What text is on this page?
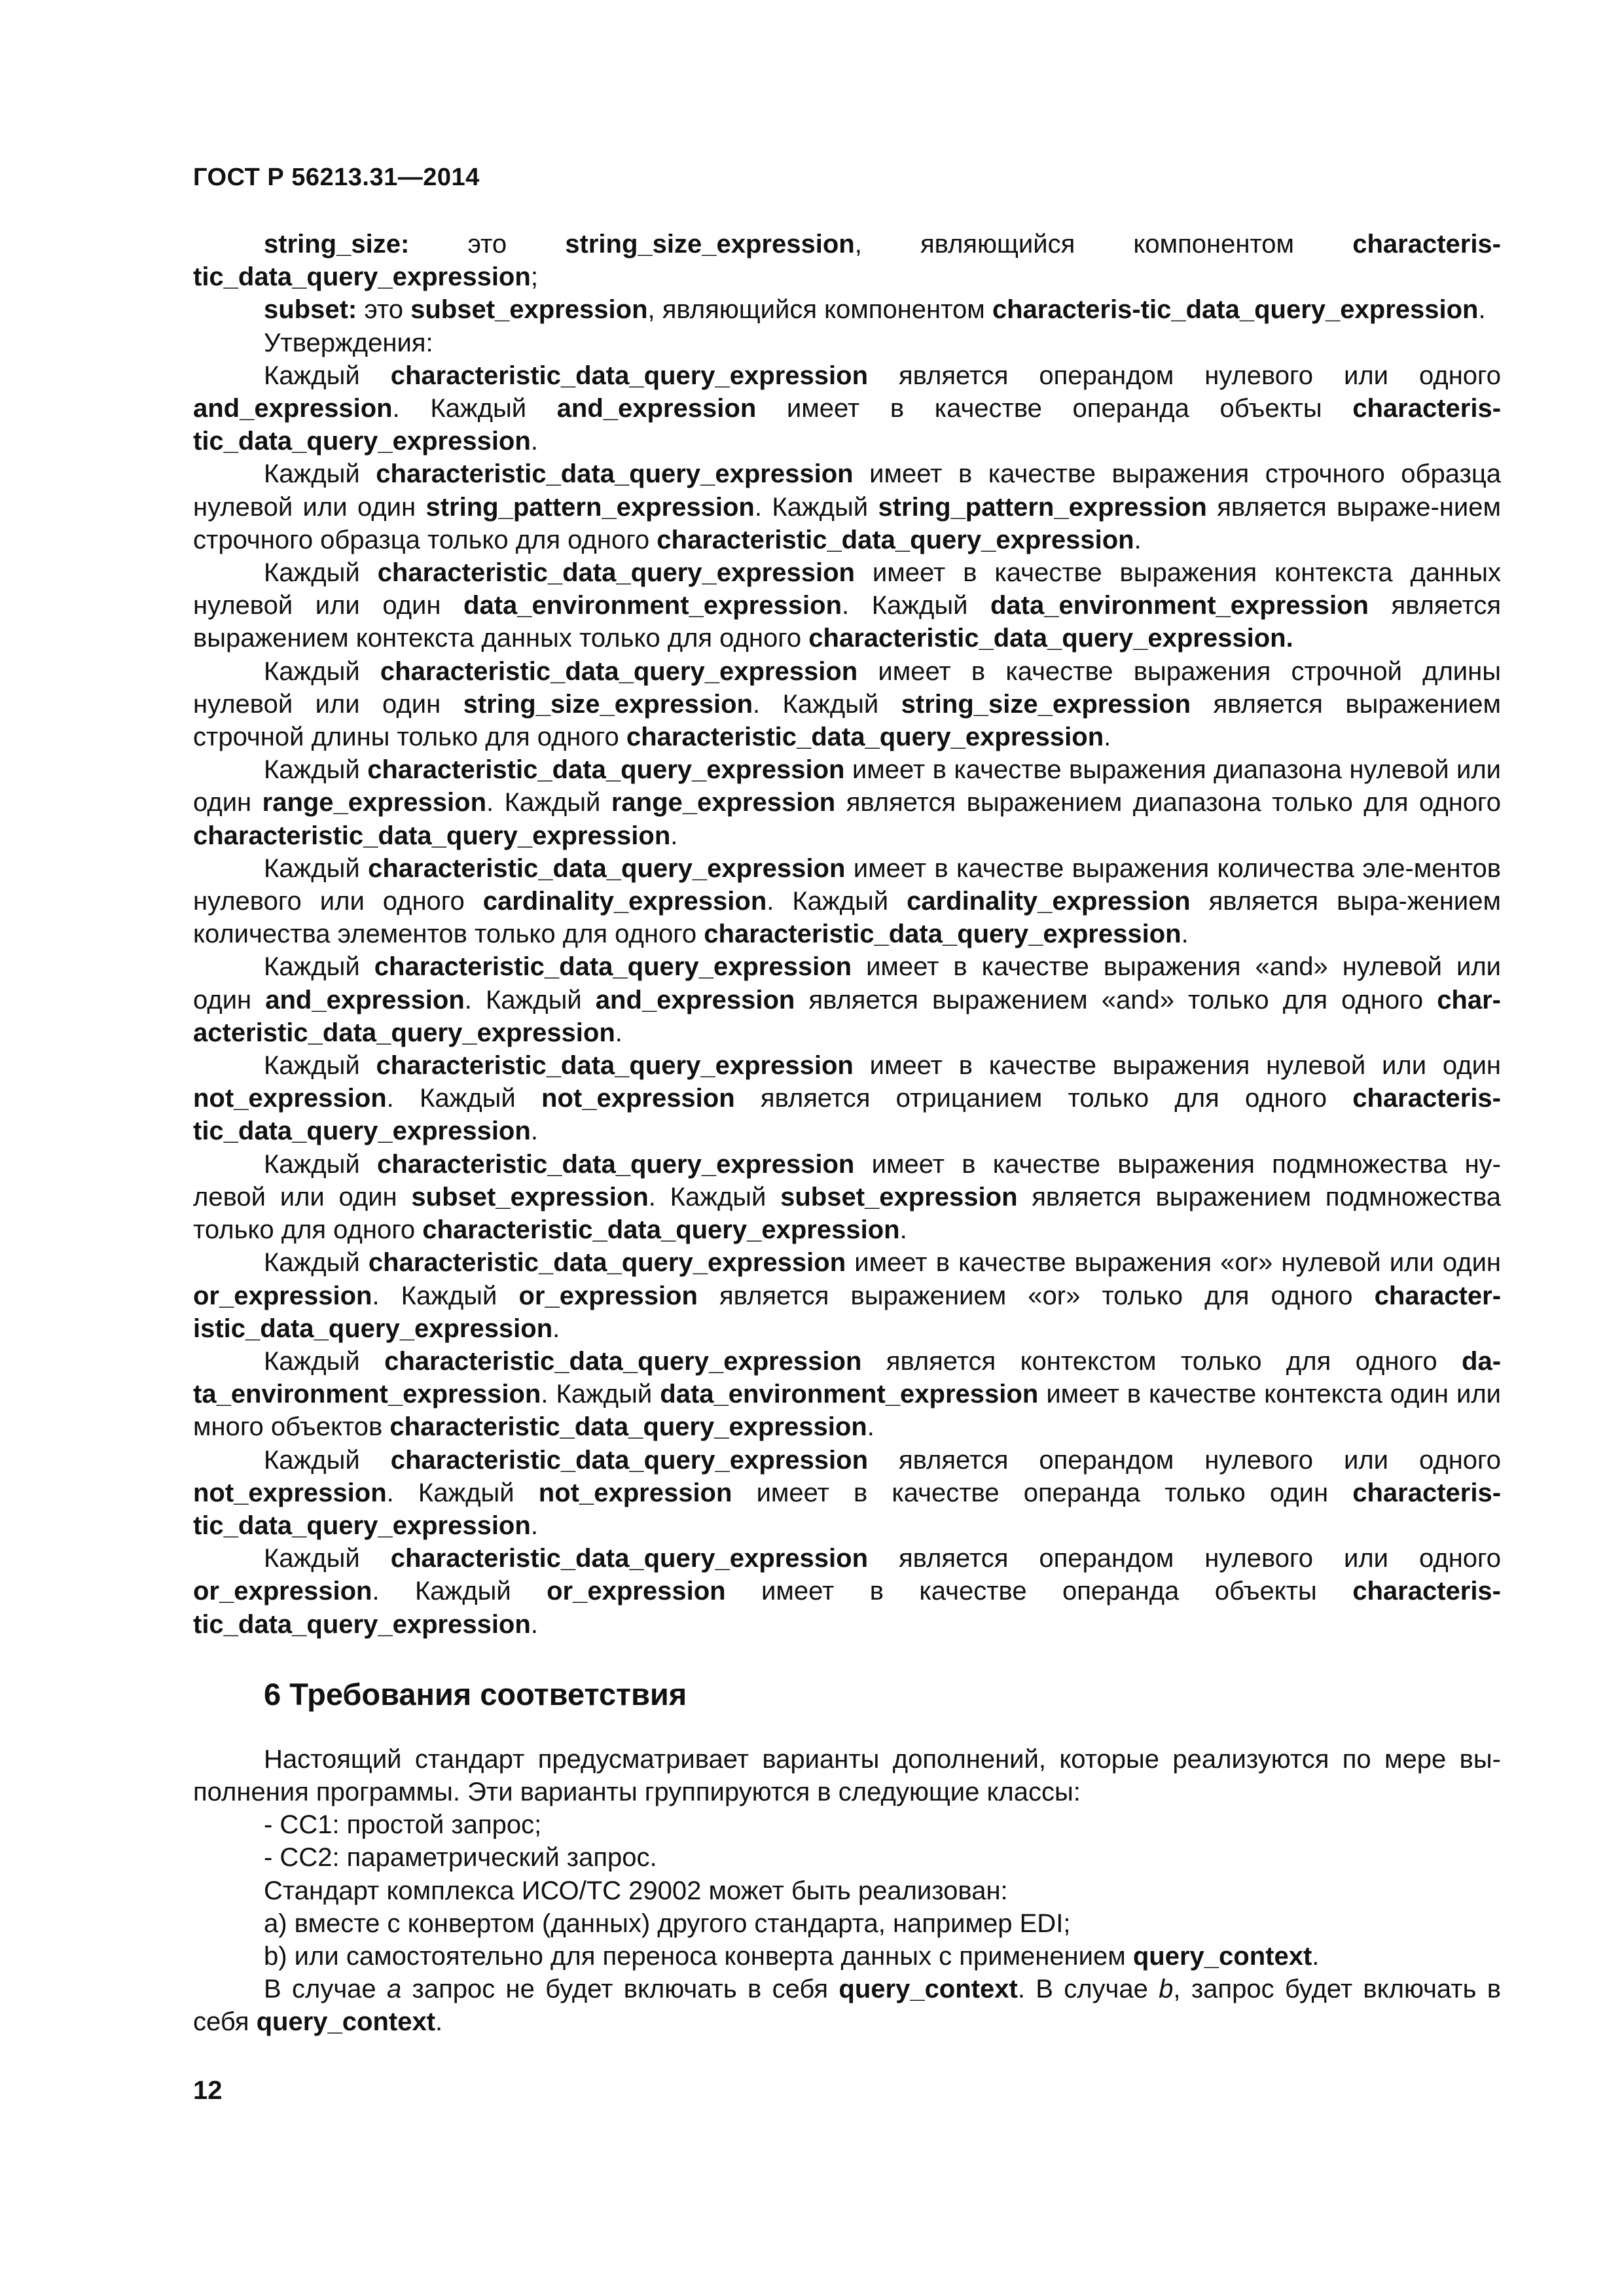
ГОСТ Р 56213.31—2014

string_size: это string_size_expression, являющийся компонентом characteris-tic_data_query_expression;

subset: это subset_expression, являющийся компонентом characteris-tic_data_query_expression.

Утверждения:

Каждый characteristic_data_query_expression является операндом нулевого или одного and_expression. Каждый and_expression имеет в качестве операнда объекты characteris-tic_data_query_expression.

Каждый characteristic_data_query_expression имеет в качестве выражения строчного образца нулевой или один string_pattern_expression. Каждый string_pattern_expression является выраже-нием строчного образца только для одного characteristic_data_query_expression.

Каждый characteristic_data_query_expression имеет в качестве выражения контекста данных нулевой или один data_environment_expression. Каждый data_environment_expression является выражением контекста данных только для одного characteristic_data_query_expression.

Каждый characteristic_data_query_expression имеет в качестве выражения строчной длины нулевой или один string_size_expression. Каждый string_size_expression является выражением строчной длины только для одного characteristic_data_query_expression.

Каждый characteristic_data_query_expression имеет в качестве выражения диапазона нулевой или один range_expression. Каждый range_expression является выражением диапазона только для одного characteristic_data_query_expression.

Каждый characteristic_data_query_expression имеет в качестве выражения количества эле-ментов нулевого или одного cardinality_expression. Каждый cardinality_expression является выра-жением количества элементов только для одного characteristic_data_query_expression.

Каждый characteristic_data_query_expression имеет в качестве выражения «and» нулевой или один and_expression. Каждый and_expression является выражением «and» только для одного char-acteristic_data_query_expression.

Каждый characteristic_data_query_expression имеет в качестве выражения нулевой или один not_expression. Каждый not_expression является отрицанием только для одного characteris-tic_data_query_expression.

Каждый characteristic_data_query_expression имеет в качестве выражения подмножества ну-левой или один subset_expression. Каждый subset_expression является выражением подмножества только для одного characteristic_data_query_expression.

Каждый characteristic_data_query_expression имеет в качестве выражения «or» нулевой или один or_expression. Каждый or_expression является выражением «or» только для одного character-istic_data_query_expression.

Каждый characteristic_data_query_expression является контекстом только для одного da-ta_environment_expression. Каждый data_environment_expression имеет в качестве контекста один или много объектов characteristic_data_query_expression.

Каждый characteristic_data_query_expression является операндом нулевого или одного not_expression. Каждый not_expression имеет в качестве операнда только один characteris-tic_data_query_expression.

Каждый characteristic_data_query_expression является операндом нулевого или одного or_expression. Каждый or_expression имеет в качестве операнда объекты characteris-tic_data_query_expression.

6 Требования соответствия

Настоящий стандарт предусматривает варианты дополнений, которые реализуются по мере вы-полнения программы. Эти варианты группируются в следующие классы:

- CC1: простой запрос;

- CC2: параметрический запрос.

Стандарт комплекса ИСО/ТС 29002 может быть реализован:

a) вместе с конвертом (данных) другого стандарта, например EDI;

b) или самостоятельно для переноса конверта данных с применением query_context.

В случае a запрос не будет включать в себя query_context. В случае b, запрос будет включать в себя query_context.

12
